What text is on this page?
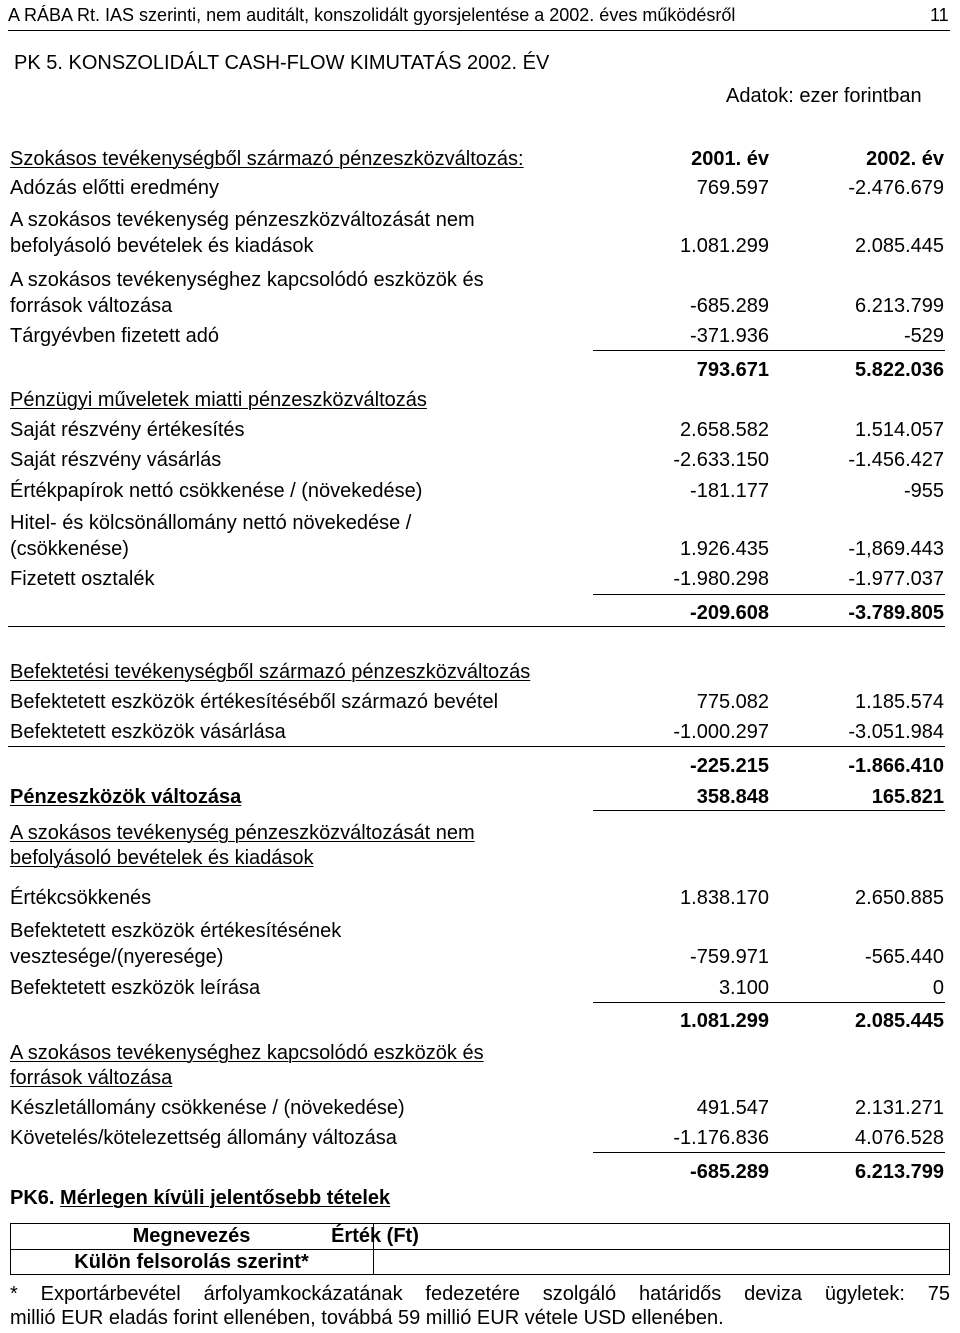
A RÁBA Rt. IAS szerinti, nem auditált, konszolidált gyorsjelentése a 2002. éves működésről	11
PK 5. KONSZOLIDÁLT CASH-FLOW KIMUTATÁS 2002. ÉV
Adatok: ezer forintban
Szokásos tevékenységből származó pénzeszközváltozás:	2001. év	2002. év
Adózás előtti eredmény	769.597	-2.476.679
A szokásos tevékenység pénzeszközváltozását nem
befolyásoló bevételek és kiadások	1.081.299	2.085.445
A szokásos tevékenységhez kapcsolódó eszközök és
források változása	-685.289	6.213.799
Tárgyévben fizetett adó	-371.936	-529
793.671	5.822.036
Pénzügyi műveletek miatti pénzeszközváltozás
Saját részvény értékesítés	2.658.582	1.514.057
Saját részvény vásárlás	-2.633.150	-1.456.427
Értékpapírok nettó csökkenése / (növekedése)	-181.177	-955
Hitel- és kölcsönállomány nettó növekedése /
(csökkenése)	1.926.435	-1,869.443
Fizetett osztalék	-1.980.298	-1.977.037
-209.608	-3.789.805
Befektetési tevékenységből származó pénzeszközváltozás
Befektetett eszközök értékesítéséből származó bevétel	775.082	1.185.574
Befektetett eszközök vásárlása	-1.000.297	-3.051.984
-225.215	-1.866.410
Pénzeszközök változása	358.848	165.821
A szokásos tevékenység pénzeszközváltozását nem
befolyásoló bevételek és kiadások
Értékcsökkenés	1.838.170	2.650.885
Befektetett eszközök értékesítésének
vesztesége/(nyeresége)	-759.971	-565.440
Befektetett eszközök leírása	3.100	0
1.081.299	2.085.445
A szokásos tevékenységhez kapcsolódó eszközök és
források változása
Készletállomány csökkenése / (növekedése)	491.547	2.131.271
Követelés/kötelezettség állomány változása	-1.176.836	4.076.528
-685.289	6.213.799
PK6. Mérlegen kívüli jelentősebb tételek
Megnevezés	Érték (Ft)
Külön felsorolás szerint*
* Exportárbevétel árfolyamkockázatának fedezetére szolgáló határidős deviza ügyletek: 75
millió EUR eladás forint ellenében, továbbá 59 millió EUR vétele USD ellenében.
